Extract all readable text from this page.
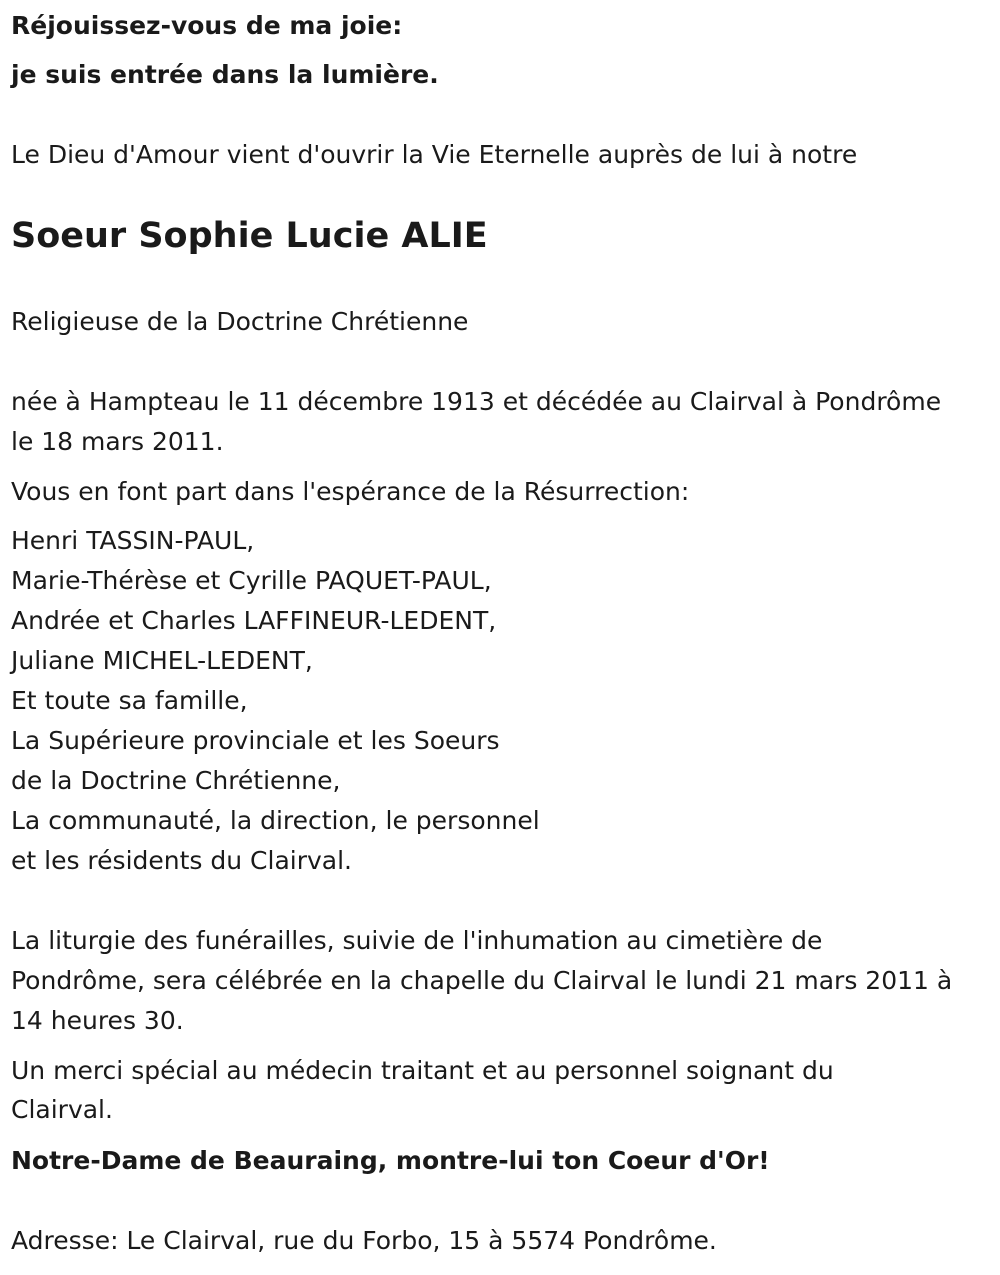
Réjouissez-vous de ma joie:

je suis entrée dans la lumière.

Le Dieu d'Amour vient d'ouvrir la Vie Eternelle auprès de lui à notre

Soeur Sophie Lucie ALIE

Religieuse de la Doctrine Chrétienne

née à Hampteau le 11 décembre 1913 et décédée au Clairval à Pondrôme

le 18 mars 2011.

Vous en font part dans l'espérance de la Résurrection:

Henri TASSIN-PAUL,

Marie-Thérèse et Cyrille PAQUET-PAUL,

Andrée et Charles LAFFINEUR-LEDENT,

Juliane MICHEL-LEDENT,

Et toute sa famille,

La Supérieure provinciale et les Soeurs

de la Doctrine Chrétienne,

La communauté, la direction, le personnel

et les résidents du Clairval.

La liturgie des funérailles, suivie de l'inhumation au cimetière de

Pondrôme, sera célébrée en la chapelle du Clairval le lundi 21 mars 2011 à

14 heures 30.

Un merci spécial au médecin traitant et au personnel soignant du

Clairval.

Notre-Dame de Beauraing, montre-lui ton Coeur d'Or!

Adresse: Le Clairval, rue du Forbo, 15 à 5574 Pondrôme.
